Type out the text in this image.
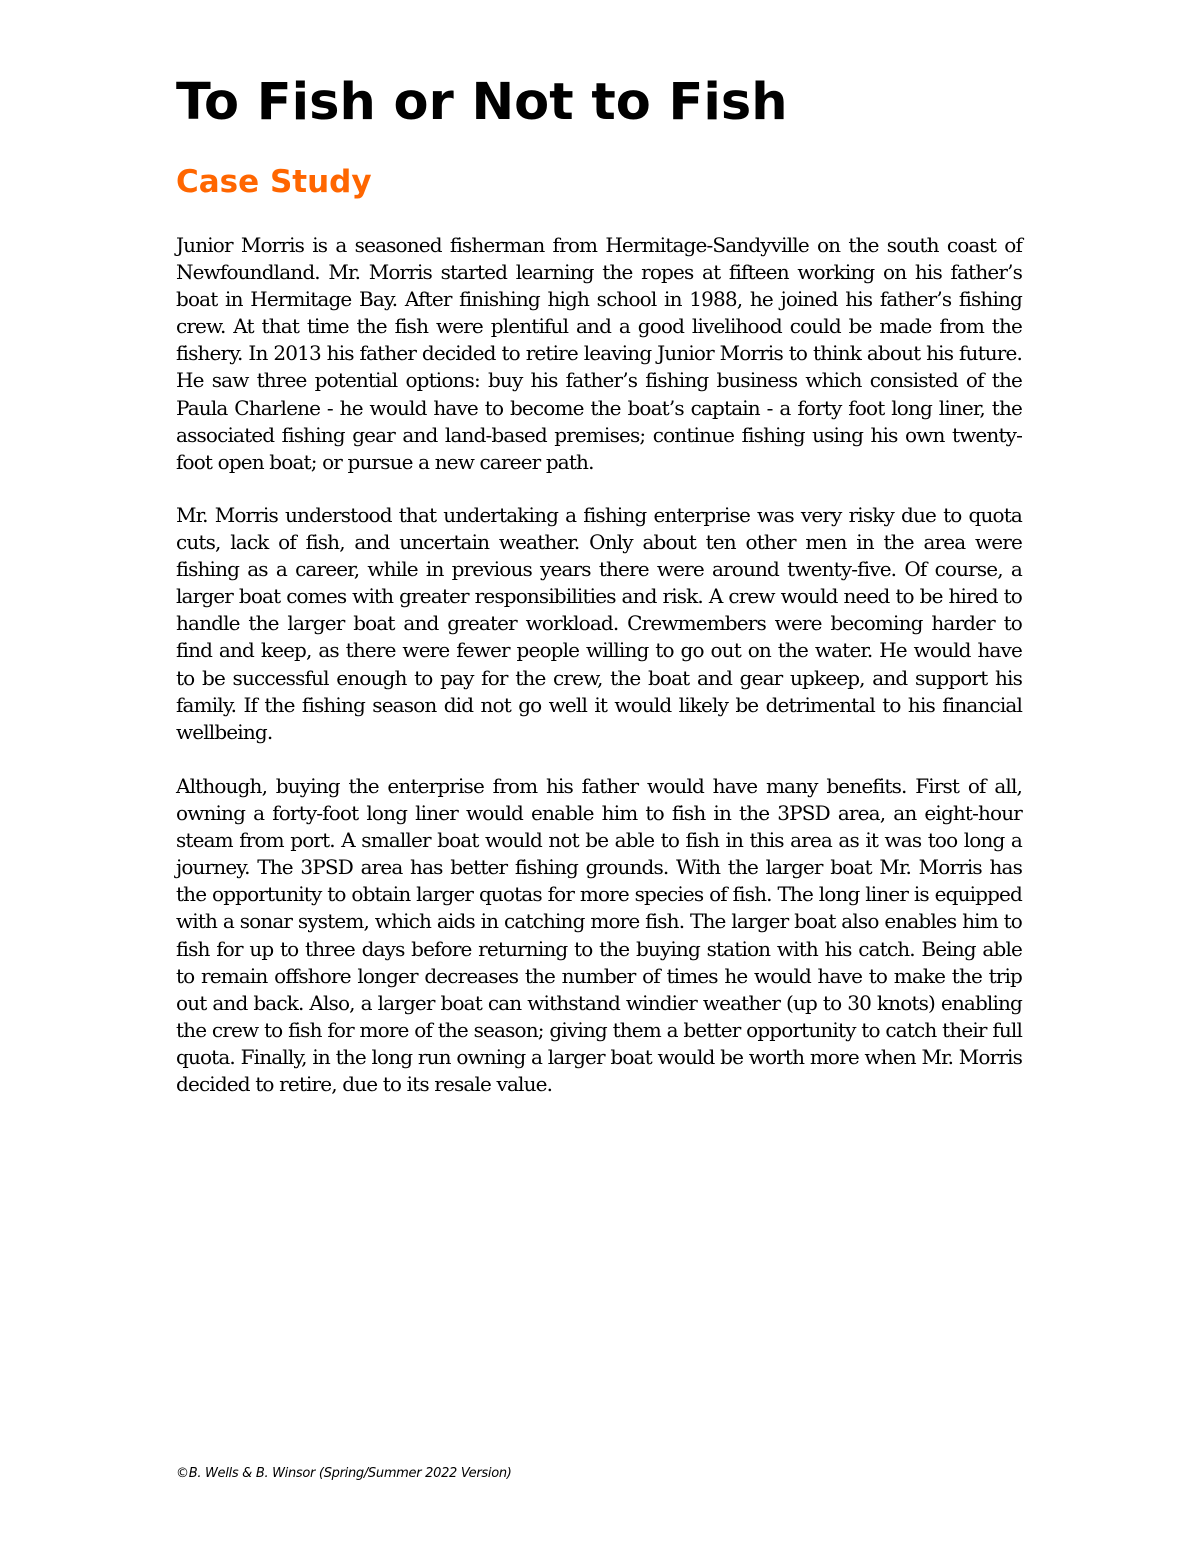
To Fish or Not to Fish
Case Study

Junior Morris is a seasoned fisherman from Hermitage-Sandyville on the south coast of Newfoundland. Mr. Morris started learning the ropes at fifteen working on his father’s boat in Hermitage Bay. After finishing high school in 1988, he joined his father’s fishing crew. At that time the fish were plentiful and a good livelihood could be made from the fishery. In 2013 his father decided to retire leaving Junior Morris to think about his future. He saw three potential options: buy his father’s fishing business which consisted of the Paula Charlene - he would have to become the boat’s captain - a forty foot long liner, the associated fishing gear and land-based premises; continue fishing using his own twenty-foot open boat; or pursue a new career path.

Mr. Morris understood that undertaking a fishing enterprise was very risky due to quota cuts, lack of fish, and uncertain weather. Only about ten other men in the area were fishing as a career, while in previous years there were around twenty-five. Of course, a larger boat comes with greater responsibilities and risk. A crew would need to be hired to handle the larger boat and greater workload. Crewmembers were becoming harder to find and keep, as there were fewer people willing to go out on the water. He would have to be successful enough to pay for the crew, the boat and gear upkeep, and support his family. If the fishing season did not go well it would likely be detrimental to his financial wellbeing.

Although, buying the enterprise from his father would have many benefits. First of all, owning a forty-foot long liner would enable him to fish in the 3PSD area, an eight-hour steam from port. A smaller boat would not be able to fish in this area as it was too long a journey. The 3PSD area has better fishing grounds. With the larger boat Mr. Morris has the opportunity to obtain larger quotas for more species of fish. The long liner is equipped with a sonar system, which aids in catching more fish. The larger boat also enables him to fish for up to three days before returning to the buying station with his catch. Being able to remain offshore longer decreases the number of times he would have to make the trip out and back. Also, a larger boat can withstand windier weather (up to 30 knots) enabling the crew to fish for more of the season; giving them a better opportunity to catch their full quota. Finally, in the long run owning a larger boat would be worth more when Mr. Morris decided to retire, due to its resale value.

©B. Wells & B. Winsor (Spring/Summer 2022 Version)
